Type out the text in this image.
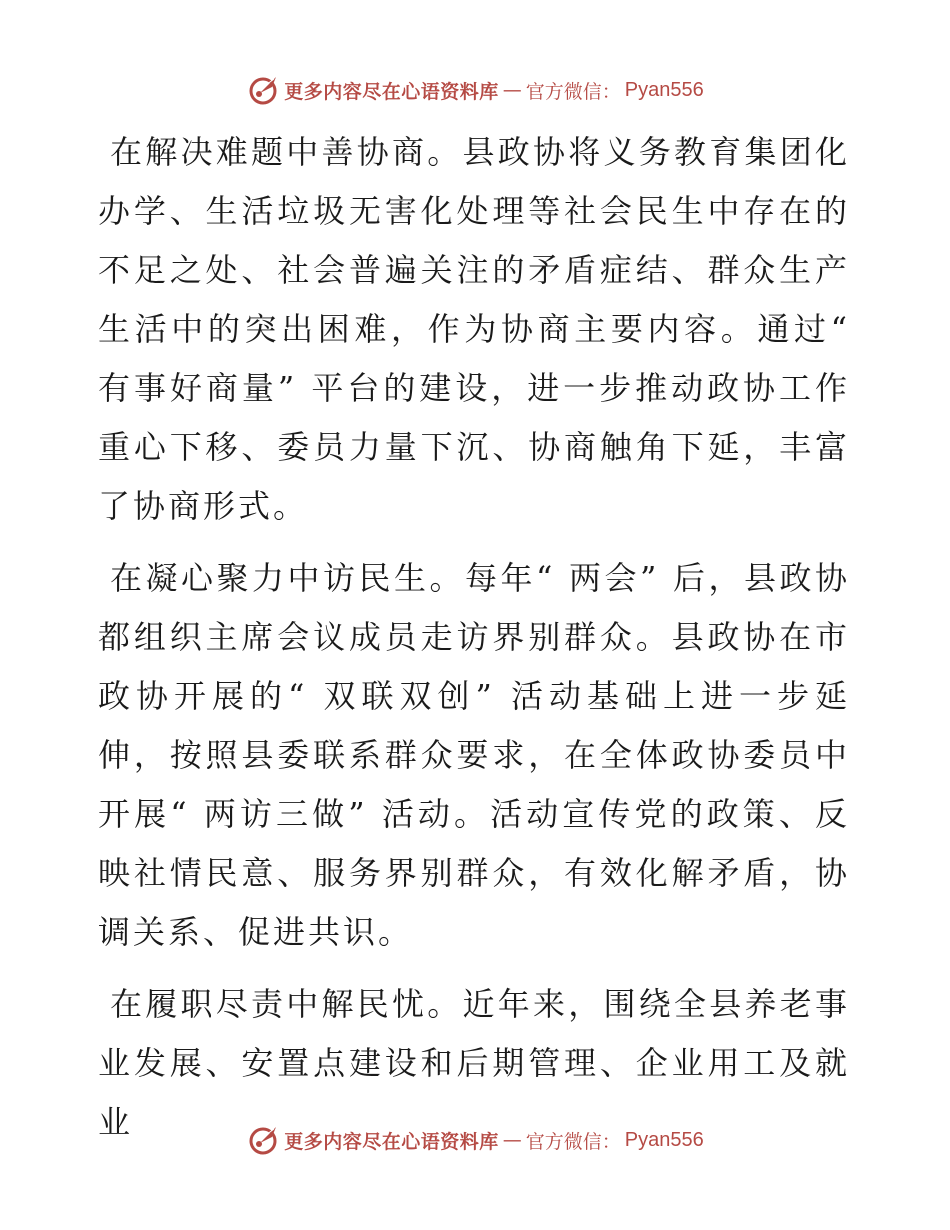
更多内容尽在心语资料库 — 官方微信： Pyan556

在解决难题中善协商。县政协将义务教育集团化办学、生活垃圾无害化处理等社会民生中存在的不足之处、社会普遍关注的矛盾症结、群众生产生活中的突出困难，作为协商主要内容。通过“ 有事好商量” 平台的建设，进一步推动政协工作重心下移、委员力量下沉、协商触角下延，丰富了协商形式。

在凝心聚力中访民生。每年“ 两会” 后，县政协都组织主席会议成员走访界别群众。县政协在市政协开展的“ 双联双创” 活动基础上进一步延伸，按照县委联系群众要求，在全体政协委员中开展“ 两访三做” 活动。活动宣传党的政策、反映社情民意、服务界别群众，有效化解矛盾，协调关系、促进共识。

在履职尽责中解民忧。近年来，围绕全县养老事业发展、安置点建设和后期管理、企业用工及就业

更多内容尽在心语资料库 — 官方微信： Pyan556
